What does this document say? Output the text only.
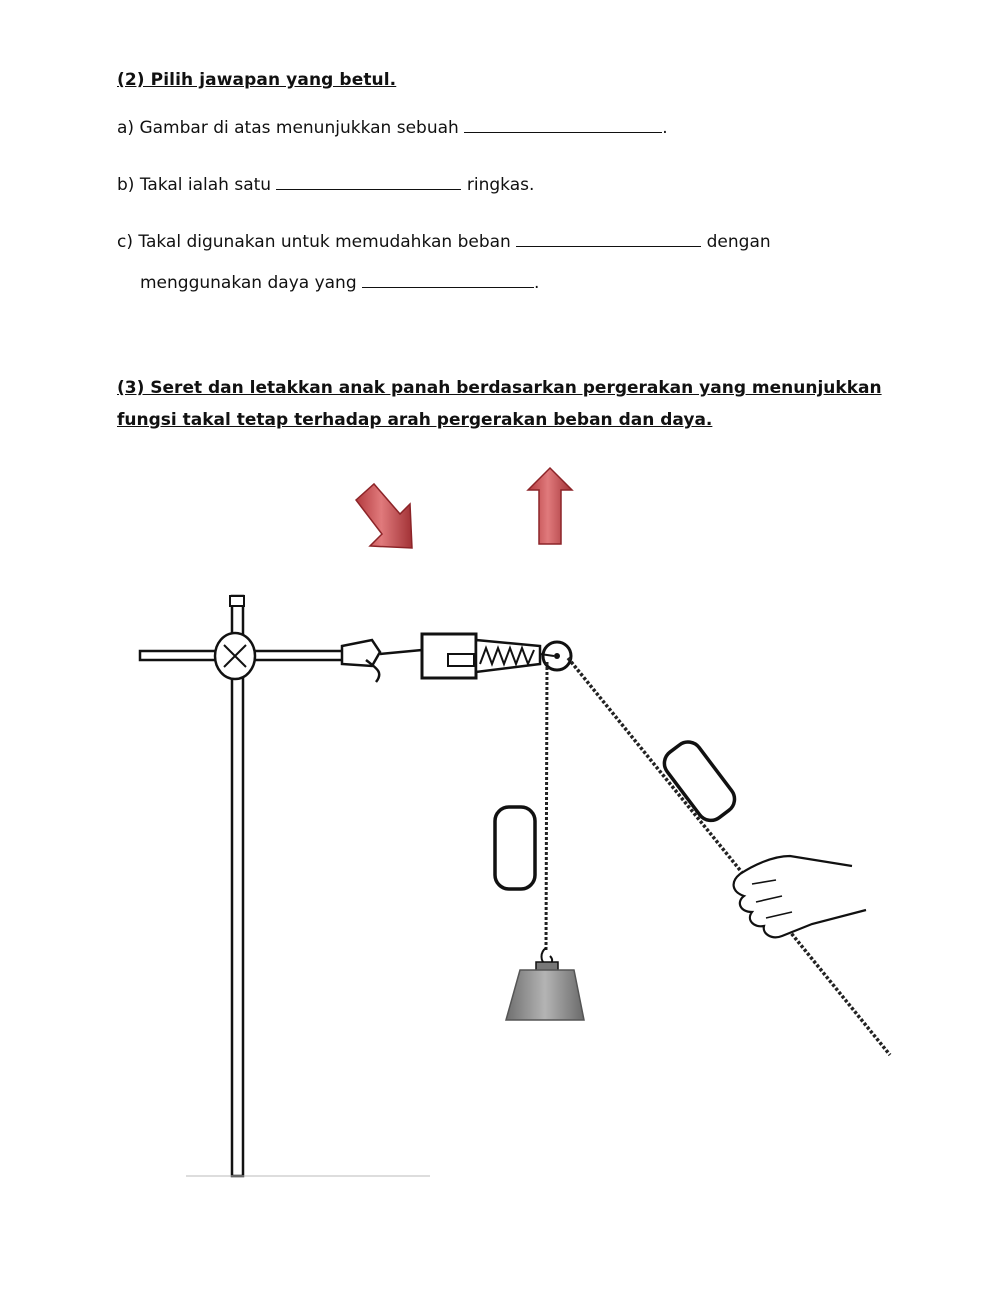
(2) Pilih jawapan yang betul.
a) Gambar di atas menunjukkan sebuah	.
b) Takal ialah satu	ringkas.
c) Takal digunakan untuk memudahkan beban	dengan
menggunakan daya yang	.
(3) Seret dan letakkan anak panah berdasarkan pergerakan yang menunjukkan
fungsi takal tetap terhadap arah pergerakan beban dan daya.
